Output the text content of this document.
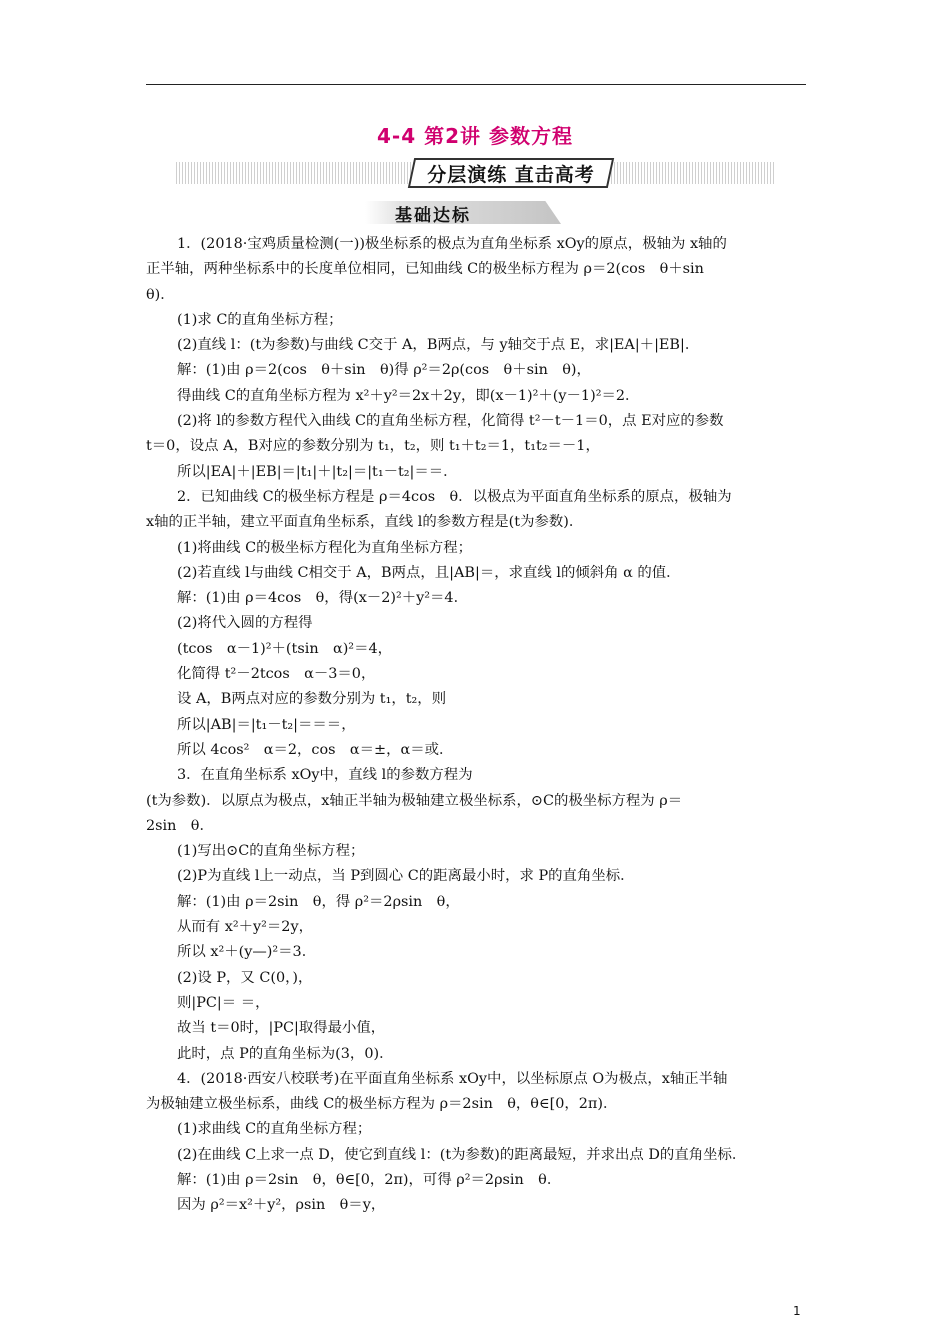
4-4 第2讲 参数方程
分层演练 直击高考
基础达标
1．(2018·宝鸡质量检测(一))极坐标系的极点为直角坐标系 xOy的原点，极轴为 x轴的
正半轴，两种坐标系中的长度单位相同，已知曲线 C的极坐标方程为 ρ＝2(cos　θ＋sin
θ)．
(1)求 C的直角坐标方程；
(2)直线 l：(t为参数)与曲线 C交于 A，B两点，与 y轴交于点 E，求|EA|＋|EB|．
解：(1)由 ρ＝2(cos　θ＋sin　θ)得 ρ²＝2ρ(cos　θ＋sin　θ)，
得曲线 C的直角坐标方程为 x²＋y²＝2x＋2y，即(x－1)²＋(y－1)²＝2．
(2)将 l的参数方程代入曲线 C的直角坐标方程，化简得 t²－t－1＝0，点 E对应的参数
t＝0，设点 A，B对应的参数分别为 t₁，t₂，则 t₁＋t₂＝1，t₁t₂＝－1，
所以|EA|＋|EB|＝|t₁|＋|t₂|＝|t₁－t₂|＝＝．
2．已知曲线 C的极坐标方程是 ρ＝4cos　θ．以极点为平面直角坐标系的原点，极轴为
x轴的正半轴，建立平面直角坐标系，直线 l的参数方程是(t为参数)．
(1)将曲线 C的极坐标方程化为直角坐标方程；
(2)若直线 l与曲线 C相交于 A，B两点，且|AB|＝，求直线 l的倾斜角 α 的值．
解：(1)由 ρ＝4cos　θ，得(x－2)²＋y²＝4．
(2)将代入圆的方程得
(tcos　α－1)²＋(tsin　α)²＝4，
化简得 t²－2tcos　α－3＝0，
设 A，B两点对应的参数分别为 t₁，t₂，则
所以|AB|＝|t₁－t₂|＝＝＝，
所以 4cos²　α＝2，cos　α＝±，α＝或．
3．在直角坐标系 xOy中，直线 l的参数方程为
(t为参数)．以原点为极点，x轴正半轴为极轴建立极坐标系，⊙C的极坐标方程为 ρ＝
2sin　θ．
(1)写出⊙C的直角坐标方程；
(2)P为直线 l上一动点，当 P到圆心 C的距离最小时，求 P的直角坐标．
解：(1)由 ρ＝2sin　θ，得 ρ²＝2ρsin　θ，
从而有 x²＋y²＝2y，
所以 x²＋(y—)²＝3．
(2)设 P，又 C(0，)，
则|PC|＝ ＝，
故当 t＝0时，|PC|取得最小值，
此时，点 P的直角坐标为(3，0)．
4．(2018·西安八校联考)在平面直角坐标系 xOy中，以坐标原点 O为极点，x轴正半轴
为极轴建立极坐标系，曲线 C的极坐标方程为 ρ＝2sin　θ，θ∈[0，2π)．
(1)求曲线 C的直角坐标方程；
(2)在曲线 C上求一点 D，使它到直线 l：(t为参数)的距离最短，并求出点 D的直角坐标．
解：(1)由 ρ＝2sin　θ，θ∈[0，2π)，可得 ρ²＝2ρsin　θ．
因为 ρ²＝x²＋y²，ρsin　θ＝y，
1
